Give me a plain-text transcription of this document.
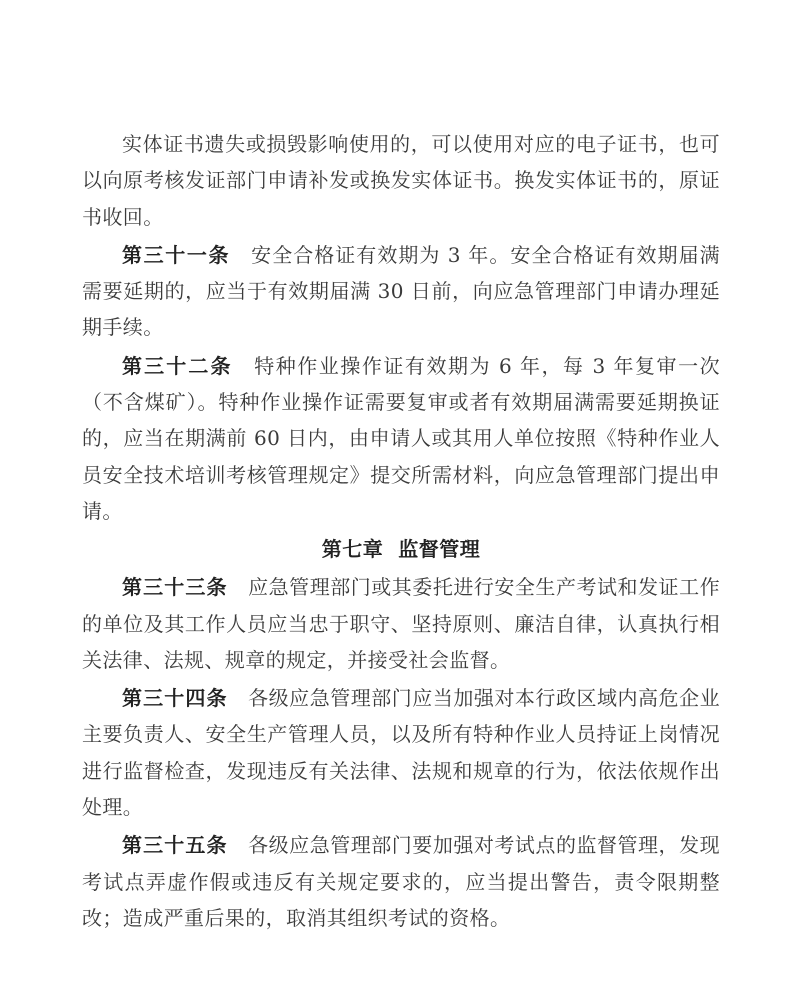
实体证书遗失或损毁影响使用的，可以使用对应的电子证书，也可以向原考核发证部门申请补发或换发实体证书。换发实体证书的，原证书收回。

第三十一条  安全合格证有效期为 3 年。安全合格证有效期届满需要延期的，应当于有效期届满 30 日前，向应急管理部门申请办理延期手续。

第三十二条  特种作业操作证有效期为 6 年，每 3 年复审一次（不含煤矿）。特种作业操作证需要复审或者有效期届满需要延期换证的，应当在期满前 60 日内，由申请人或其用人单位按照《特种作业人员安全技术培训考核管理规定》提交所需材料，向应急管理部门提出申请。

第七章  监督管理

第三十三条  应急管理部门或其委托进行安全生产考试和发证工作的单位及其工作人员应当忠于职守、坚持原则、廉洁自律，认真执行相关法律、法规、规章的规定，并接受社会监督。

第三十四条  各级应急管理部门应当加强对本行政区域内高危企业主要负责人、安全生产管理人员，以及所有特种作业人员持证上岗情况进行监督检查，发现违反有关法律、法规和规章的行为，依法依规作出处理。

第三十五条  各级应急管理部门要加强对考试点的监督管理，发现考试点弄虚作假或违反有关规定要求的，应当提出警告，责令限期整改；造成严重后果的，取消其组织考试的资格。
